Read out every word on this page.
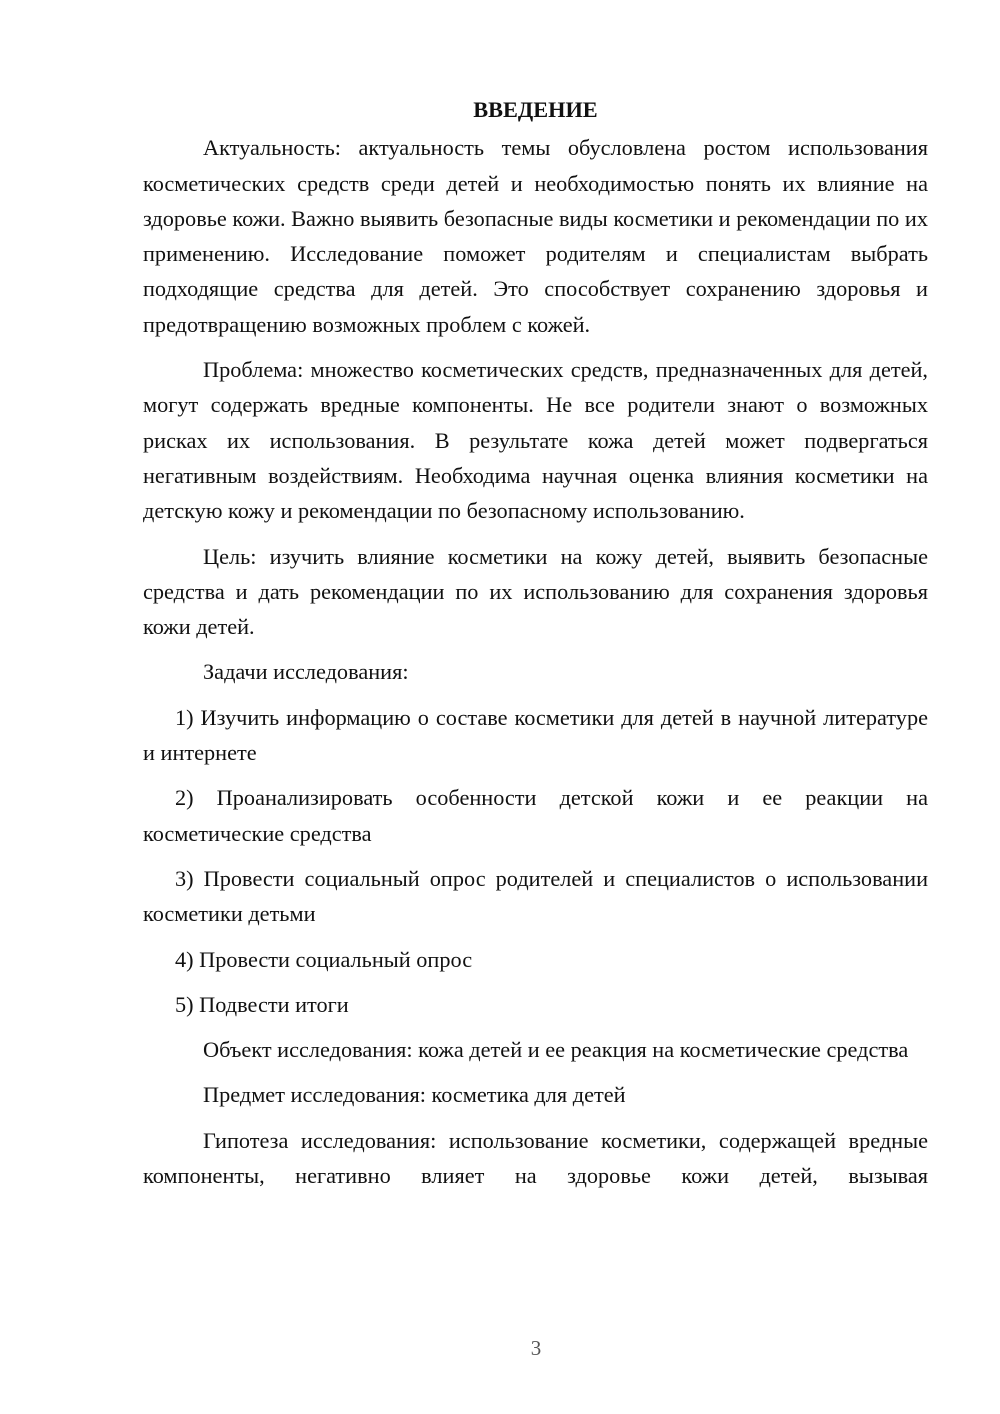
ВВЕДЕНИЕ

Актуальность: актуальность темы обусловлена ростом использования косметических средств среди детей и необходимостью понять их влияние на здоровье кожи. Важно выявить безопасные виды косметики и рекомендации по их применению. Исследование поможет родителям и специалистам выбрать подходящие средства для детей. Это способствует сохранению здоровья и предотвращению возможных проблем с кожей.

Проблема: множество косметических средств, предназначенных для детей, могут содержать вредные компоненты. Не все родители знают о возможных рисках их использования. В результате кожа детей может подвергаться негативным воздействиям. Необходима научная оценка влияния косметики на детскую кожу и рекомендации по безопасному использованию.

Цель: изучить влияние косметики на кожу детей, выявить безопасные средства и дать рекомендации по их использованию для сохранения здоровья кожи детей.

Задачи исследования:

1) Изучить информацию о составе косметики для детей в научной литературе и интернете

2) Проанализировать особенности детской кожи и ее реакции на косметические средства

3) Провести социальный опрос родителей и специалистов о использовании косметики детьми

4) Провести социальный опрос

5) Подвести итоги

Объект исследования: кожа детей и ее реакция на косметические средства

Предмет исследования: косметика для детей

Гипотеза исследования: использование косметики, содержащей вредные компоненты, негативно влияет на здоровье кожи детей, вызывая

3
